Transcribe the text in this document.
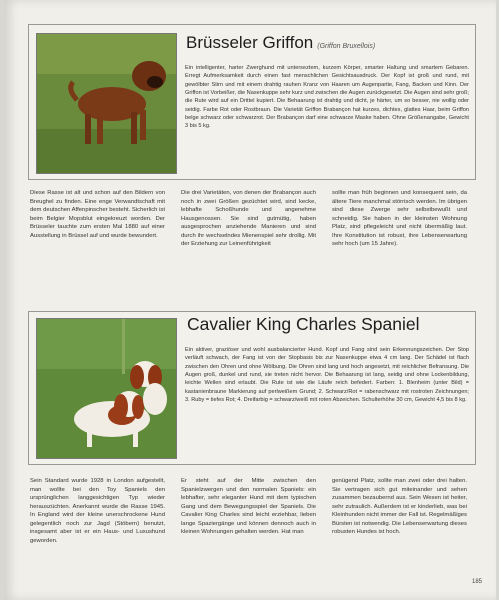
Brüsseler Griffon (Griffon Bruxellois)
Ein intelligenter, harter Zwerghund mit unterseztem, kurzem Körper, smarter Haltung und smartem Gebaren. Erregt Aufmerksamkeit durch einen fast menschlichen Gesichtsausdruck. Der Kopf ist groß und rund, mit gewölbter Stirn und mit einem drahtig rauhen Kranz von Haaren um Augenpartie, Fang, Backen und Kinn. Der Griffon ist Vorbeißer, die Nasenkuppe sehr kurz und zwischen die Augen zurückgesetzt. Die Augen sind sehr groß; die Rute wird auf ein Drittel kupiert. Die Behaarung ist drahtig und dicht, je härter, um so besser, nie wollig oder seidig. Farbe Rot oder Rostbraun. Die Varietät Griffon Brabançon hat kurzes, dichtes, glattes Haar, beim Griffon belge schwarz oder schwarzrot. Der Brabançon darf eine schwarze Maske haben. Ohne Größenangabe, Gewicht 3 bis 5 kg.
Diese Rasse ist alt und schon auf den Bildern von Breughel zu finden. Eine enge Verwandtschaft mit dem deutschen Affenpinscher besteht. Sicherlich ist beim Belgier Mopsblut eingekreuzt worden. Der Brüsseler tauchte zum ersten Mal 1880 auf einer Ausstellung in Brüssel auf und wurde bewundert.
Die drei Varietäten, von denen der Brabançon auch noch in zwei Größen gezüchtet wird, sind kecke, lebhafte Schoßhunde und angenehme Hausgenossen. Sie sind gutmütig, haben ausgesprochen anziehende Manieren und sind durch ihr wechselndes Mienenspiel sehr drollig. Mit der Erziehung zur Leinenführigkeit
sollte man früh beginnen und konsequent sein, da ältere Tiere manchmal störrisch werden. Im übrigen sind diese Zwerge sehr selbstbewußt und schneidig. Sie haben in der kleinsten Wohnung Platz, sind pflegeleicht und nicht übermäßig laut. Ihre Konstitution ist robust, ihre Lebenserwartung sehr hoch (um 15 Jahre).
Cavalier King Charles Spaniel
Ein aktiver, graziöser und wohl ausbalancierter Hund. Kopf und Fang sind sein Erkennungszeichen. Der Stop verläuft schwach, der Fang ist von der Stopbasis bis zur Nasenkuppe etwa 4 cm lang. Der Schädel ist flach zwischen den Ohren und ohne Wölbung. Die Ohren sind lang und hoch angesetzt, mit reichlicher Befransung. Die Augen groß, dunkel und rund, sie treten nicht hervor. Die Behaarung ist lang, seidig und ohne Lockenbildung, leichte Wellen sind erlaubt. Die Rute ist wie die Läufe reich befedert. Farben: 1. Blenheim (unter Bild) = kastanienbraune Markierung auf perlweißem Grund; 2. Schwarz/Rot = rabenschwarz mit rostroten Zeichnungen; 3. Ruby = tiefes Rot; 4. Dreifarbig = schwarz/weiß mit roten Abzeichen. Schulterhöhe 30 cm, Gewicht 4,5 bis 8 kg.
Sein Standard wurde 1928 in London aufgestellt, man wollte bei den Toy Spaniels den ursprünglichen langgesichtigen Typ wieder herauszüchten. Anerkannt wurde die Rasse 1945. In England wird der kleine unerschrockene Hund gelegentlich noch zur Jagd (Stöbern) benutzt, insgesamt aber ist er ein Haus- und Luxushund geworden.
Er steht auf der Mitte zwischen den Spanielzwergen und den normalen Spaniels: ein lebhafter, sehr eleganter Hund mit dem typischen Gang und dem Bewegungsspiel der Spaniels. Die Cavalier King Charles sind leicht erziehbar, lieben lange Spaziergänge und können dennoch auch in kleinen Wohnungen gehalten werden. Hat man
genügend Platz, sollte man zwei oder drei halten. Sie vertragen sich gut miteinander und sehen zusammen bezaubernd aus. Sein Wesen ist heiter, sehr zutraulich. Außerdem ist er kinderlieb, was bei Kleinhunden nicht immer der Fall ist. Regelmäßiges Bürsten ist notwendig. Die Lebenserwartung dieses robusten Hundes ist hoch.
185
